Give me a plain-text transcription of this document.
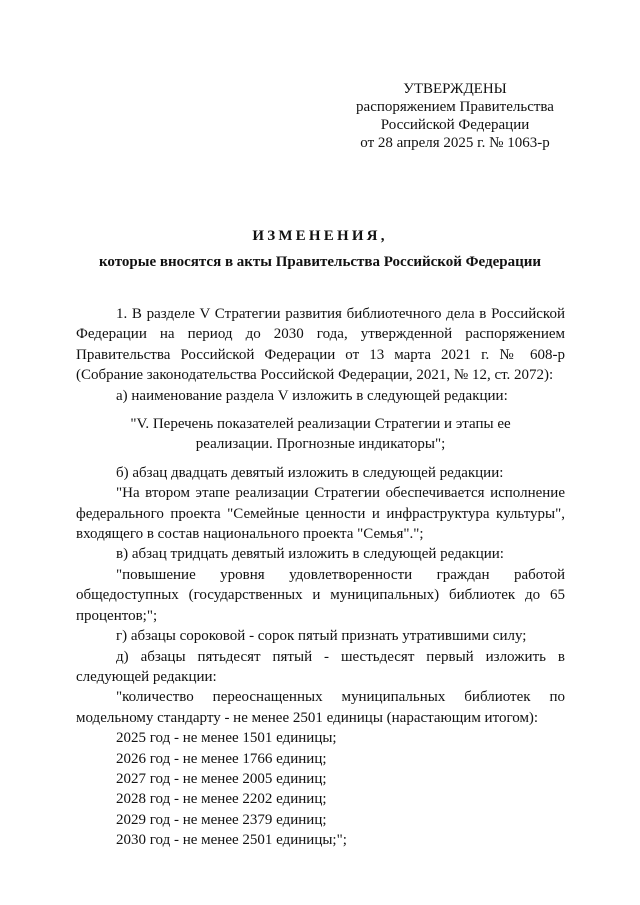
УТВЕРЖДЕНЫ
распоряжением Правительства
Российской Федерации
от 28 апреля 2025 г. № 1063-р
ИЗМЕНЕНИЯ,
которые вносятся в акты Правительства Российской Федерации

1. В разделе V Стратегии развития библиотечного дела в Российской Федерации на период до 2030 года, утвержденной распоряжением Правительства Российской Федерации от 13 марта 2021 г. № 608-р (Собрание законодательства Российской Федерации, 2021, № 12, ст. 2072):

а) наименование раздела V изложить в следующей редакции:

"V. Перечень показателей реализации Стратегии и этапы ее реализации. Прогнозные индикаторы";

б) абзац двадцать девятый изложить в следующей редакции:

"На втором этапе реализации Стратегии обеспечивается исполнение федерального проекта "Семейные ценности и инфраструктура культуры", входящего в состав национального проекта "Семья".";

в) абзац тридцать девятый изложить в следующей редакции:

"повышение уровня удовлетворенности граждан работой общедоступных (государственных и муниципальных) библиотек до 65 процентов;";

г) абзацы сороковой - сорок пятый признать утратившими силу;

д) абзацы пятьдесят пятый - шестьдесят первый изложить в следующей редакции:

"количество переоснащенных муниципальных библиотек по модельному стандарту - не менее 2501 единицы (нарастающим итогом):

2025 год - не менее 1501 единицы;

2026 год - не менее 1766 единиц;

2027 год - не менее 2005 единиц;

2028 год - не менее 2202 единиц;

2029 год - не менее 2379 единиц;

2030 год - не менее 2501 единицы;";
